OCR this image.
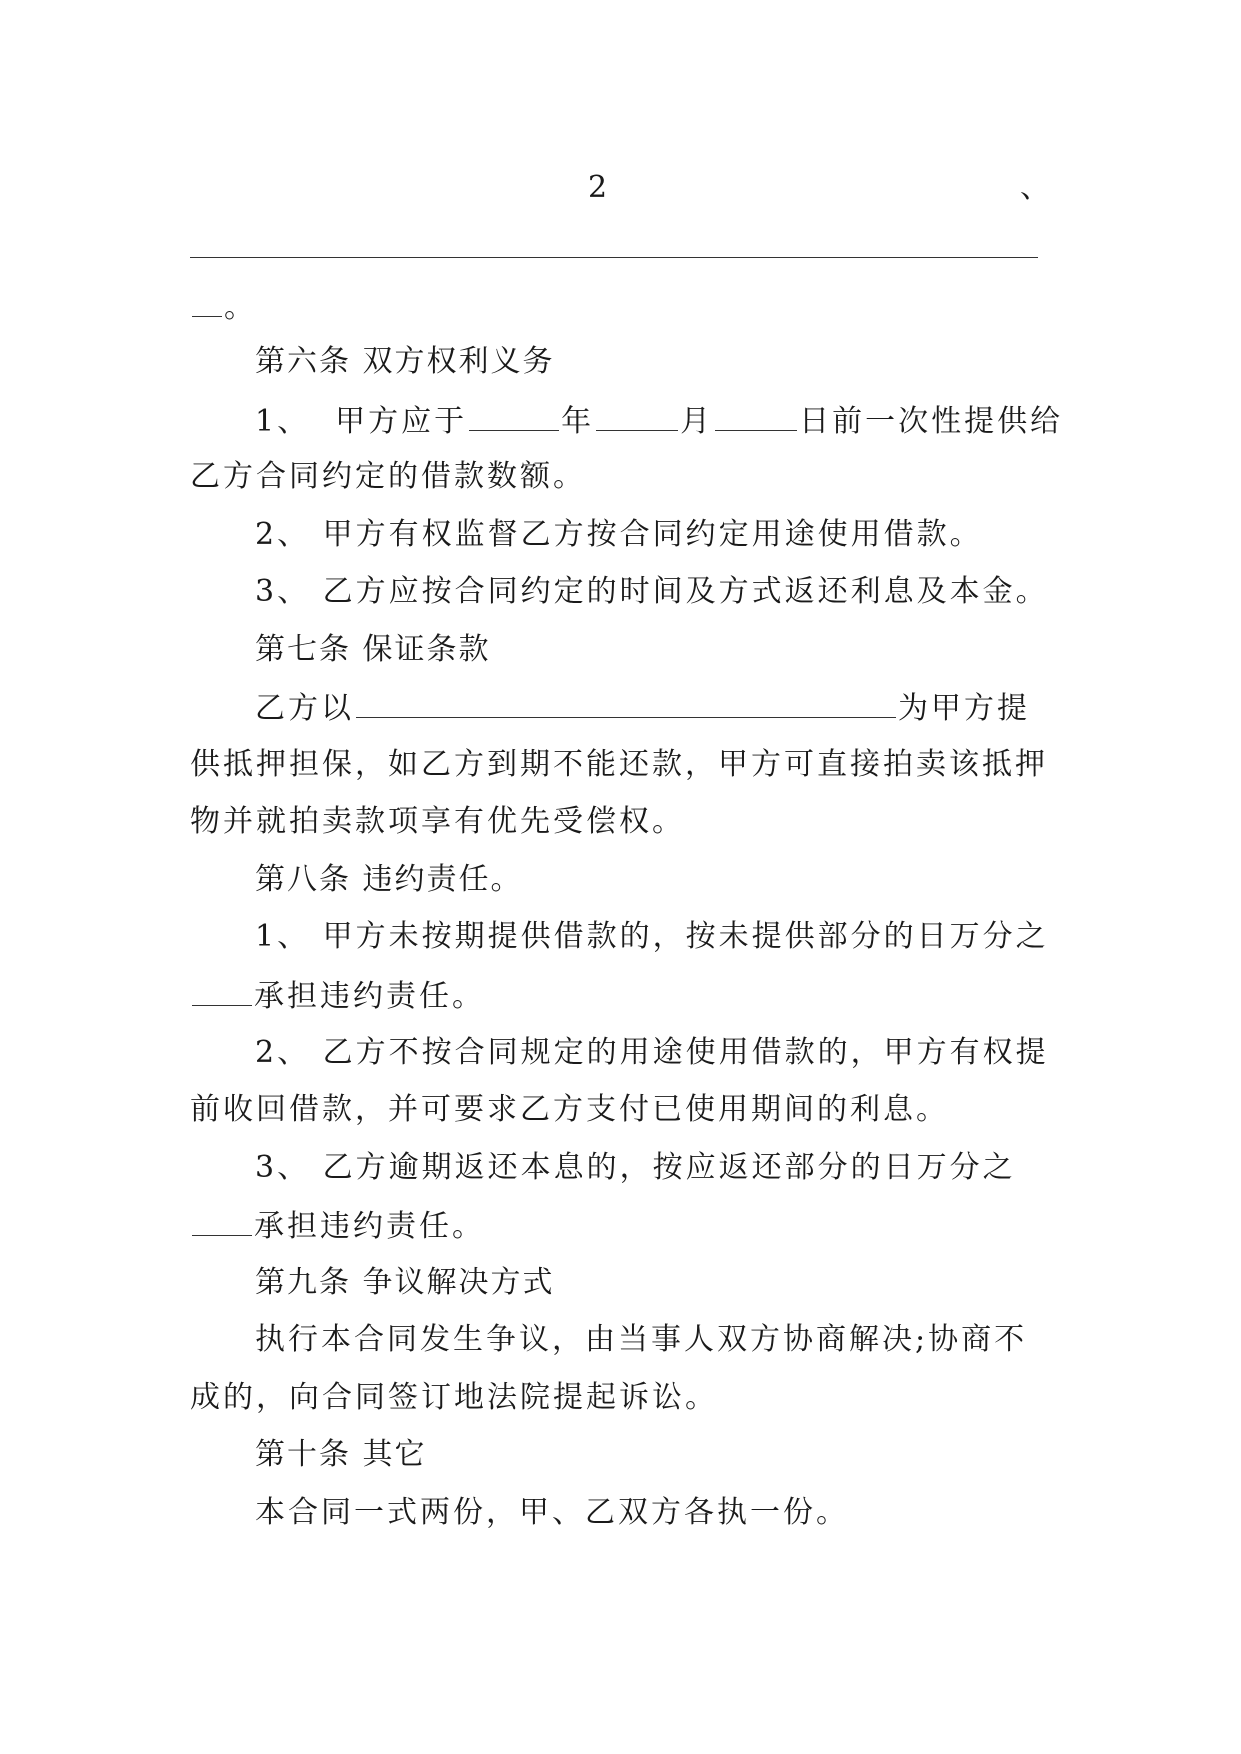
2	、
。
第六条 双方权利义务
1、 甲方应于	年	月	日前一次性提供给
乙方合同约定的借款数额。
2、 甲方有权监督乙方按合同约定用途使用借款。
3、 乙方应按合同约定的时间及方式返还利息及本金。
第七条 保证条款
乙方以	为甲方提
供抵押担保，如乙方到期不能还款，甲方可直接拍卖该抵押
物并就拍卖款项享有优先受偿权。
第八条 违约责任。
1、 甲方未按期提供借款的，按未提供部分的日万分之
承担违约责任。
2、 乙方不按合同规定的用途使用借款的，甲方有权提
前收回借款，并可要求乙方支付已使用期间的利息。
3、 乙方逾期返还本息的，按应返还部分的日万分之
承担违约责任。
第九条 争议解决方式
执行本合同发生争议，由当事人双方协商解决;协商不
成的，向合同签订地法院提起诉讼。
第十条 其它
本合同一式两份，甲、乙双方各执一份。
